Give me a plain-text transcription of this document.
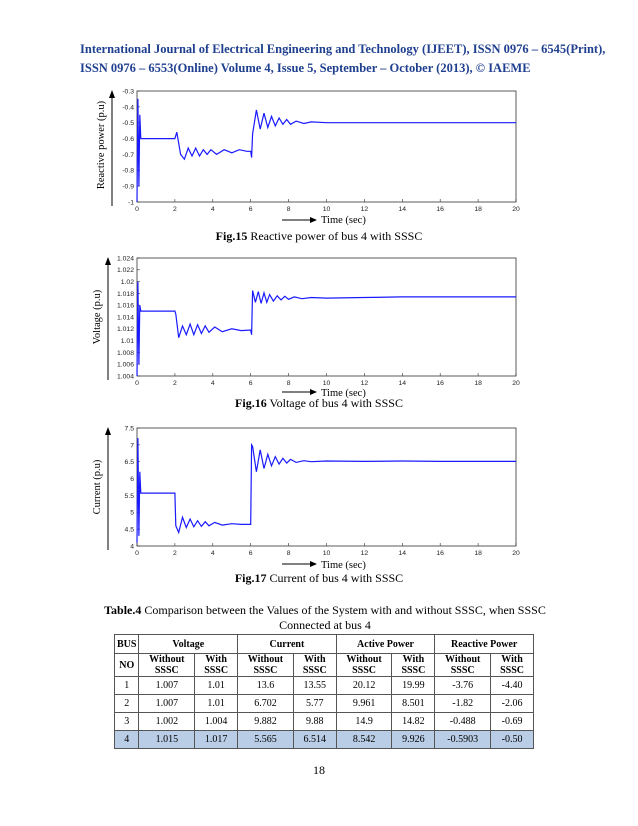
International Journal of Electrical Engineering and Technology (IJEET), ISSN 0976 – 6545(Print),
ISSN 0976 – 6553(Online) Volume 4, Issue 5, September – October (2013), © IAEME
0	2	4	6	8	10	12	14	16	18	20
-0.3
-0.4
-0.5
-0.6
-0.7
-0.8
-0.9
-1
Reactive power (p.u)
Time (sec)
Fig.15 Reactive power of bus 4 with SSSC
0	2	4	6	8	10	12	14	16	18	20
1.024
1.022
1.02
1.018
1.016
1.014
1.012
1.01
1.008
1.006
1.004
Voltage (p.u)
Time (sec)
Fig.16 Voltage of bus 4 with SSSC
0	2	4	6	8	10	12	14	16	18	20
7.5
7
6.5
6
5.5
5
4.5
4
Current (p.u)
Time (sec)
Fig.17 Current of bus 4 with SSSC
Table.4 Comparison between the Values of the System with and without SSSC, when SSSC
Connected at bus 4
BUS	Voltage		Current		Active Power		Reactive Power	
NO	Without SSSC	With SSSC	Without SSSC	With SSSC	Without SSSC	With SSSC	Without SSSC	With SSSC
1	1.007	1.01	13.6	13.55	20.12	19.99	-3.76	-4.40
2	1.007	1.01	6.702	5.77	9.961	8.501	-1.82	-2.06
3	1.002	1.004	9.882	9.88	14.9	14.82	-0.488	-0.69
4	1.015	1.017	5.565	6.514	8.542	9.926	-0.5903	-0.50
18
